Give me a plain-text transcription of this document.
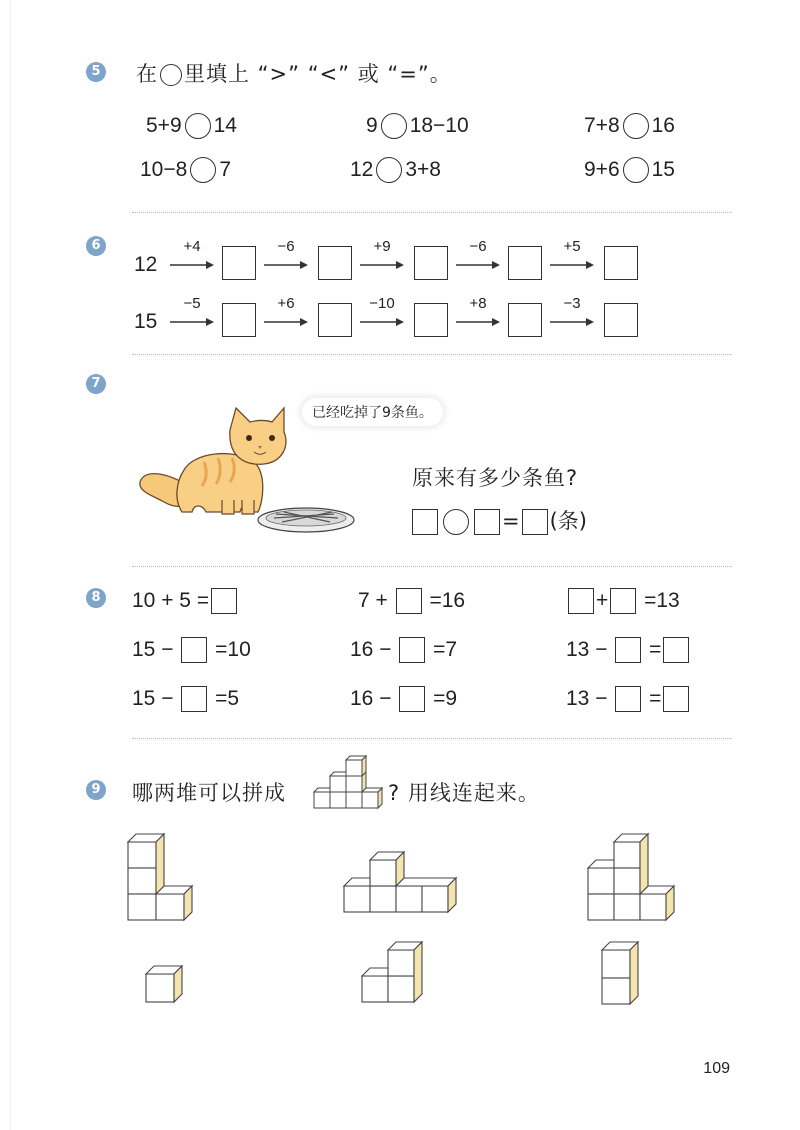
5 在 里填上 “>” “<” 或 “=”。
5+9 14	9 18−10	7+8 16
10−8 7	12 3+8	9+6 15
6
12
+4	−6	+9	−6	+5
15
−5	+6	−10	+8	−3
7
已经吃掉了9条鱼。
原来有多少条鱼?
= (条)
8 10 + 5 =	7 + =16	+ =13
15 − =10	16 − =7	13 − =
15 − =5	16 − =9	13 − =
9 哪两堆可以拼成	? 用线连起来。
109
